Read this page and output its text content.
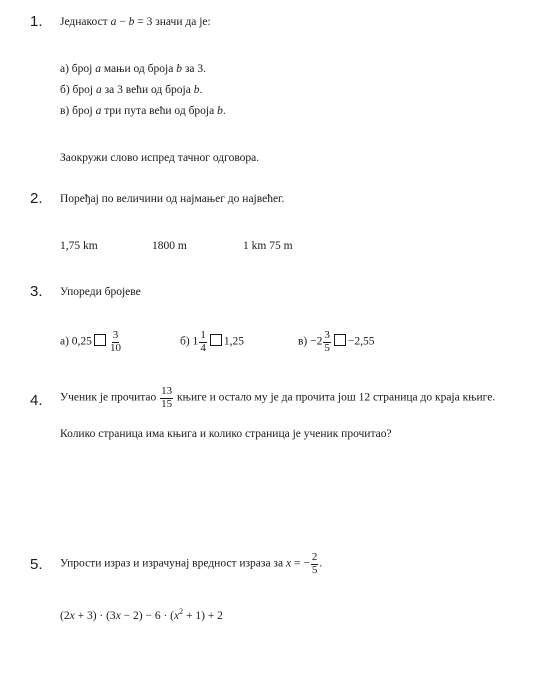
1. Једнакост a − b = 3 значи да је:
а) број a мањи од броја b за 3.
б) број a за 3 већи од броја b.
в) број a три пута већи од броја b.
Заокружи слово испред тачног одговора.
2. Поређај по величини од најмањег до највећег.
1,75 km	1800 m	1 km 75 m
3. Упореди бројеве
а) $0,25 \frac{3}{10}$	б) $1 \frac{1}{4} 1,25$	$в) -2 \frac{3}{5} -2,55$
4. Ученик је прочитао $\frac{13}{15}$ књиге и остало му је да прочита још 12 страница до краја књиге.
Колико страница има књига и колико страница је ученик прочитао?
5. Упрости израз и израчунај вредност израза за x = − $\frac{2}{5}$ .
$(2x + 3) \cdot (3x - 2) - 6 \cdot (x^2 + 1) + 2$
